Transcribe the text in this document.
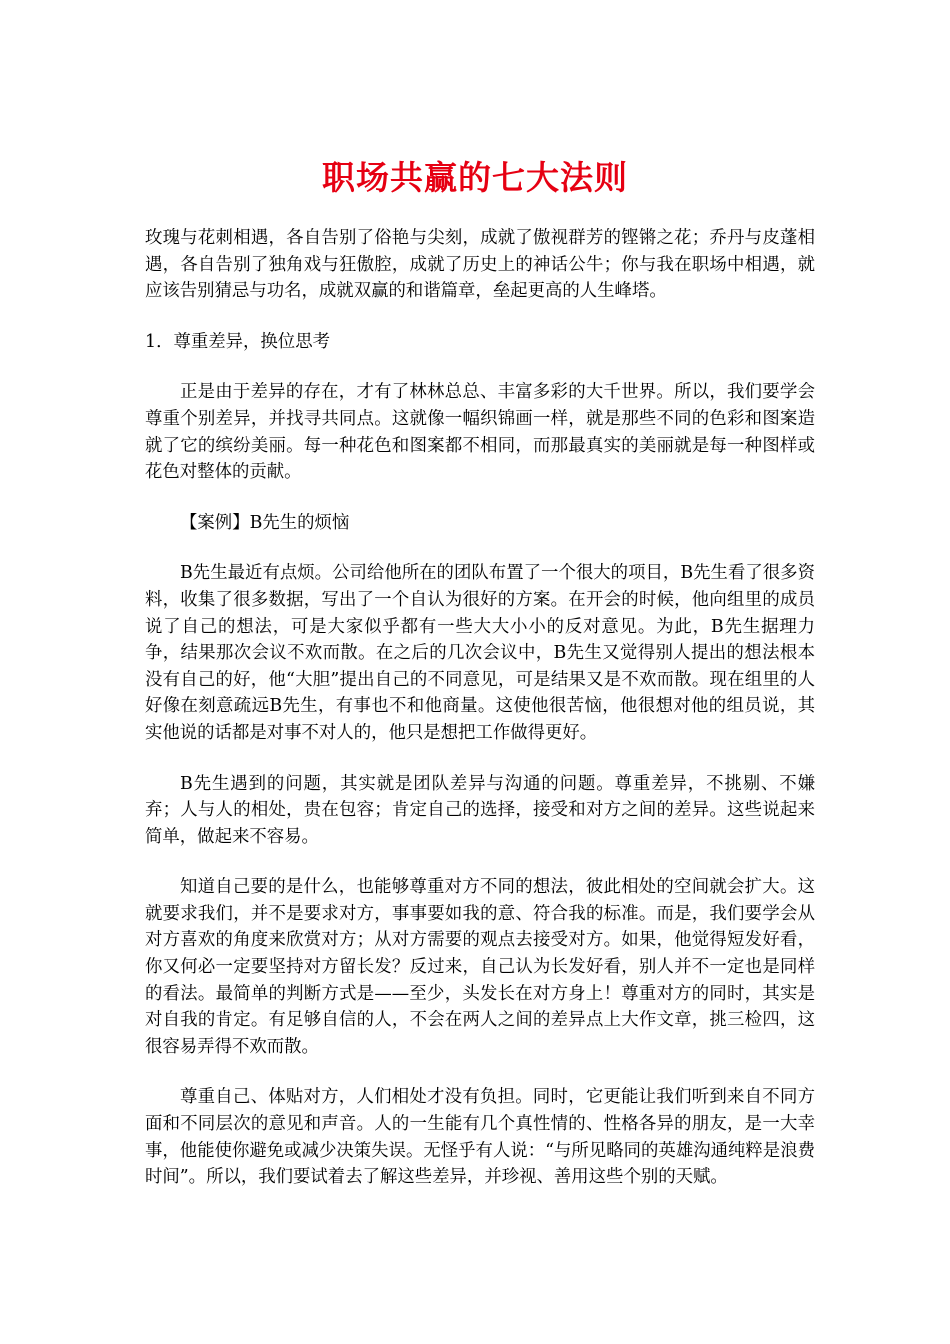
职场共赢的七大法则

玫瑰与花刺相遇，各自告别了俗艳与尖刻，成就了傲视群芳的铿锵之花；乔丹与皮蓬相遇，各自告别了独角戏与狂傲腔，成就了历史上的神话公牛；你与我在职场中相遇，就应该告别猜忌与功名，成就双赢的和谐篇章，垒起更高的人生峰塔。

1．尊重差异，换位思考

正是由于差异的存在，才有了林林总总、丰富多彩的大千世界。所以，我们要学会尊重个别差异，并找寻共同点。这就像一幅织锦画一样，就是那些不同的色彩和图案造就了它的缤纷美丽。每一种花色和图案都不相同，而那最真实的美丽就是每一种图样或花色对整体的贡献。

【案例】B先生的烦恼

B先生最近有点烦。公司给他所在的团队布置了一个很大的项目，B先生看了很多资料，收集了很多数据，写出了一个自认为很好的方案。在开会的时候，他向组里的成员说了自己的想法，可是大家似乎都有一些大大小小的反对意见。为此，B先生据理力争，结果那次会议不欢而散。在之后的几次会议中，B先生又觉得别人提出的想法根本没有自己的好，他“大胆”提出自己的不同意见，可是结果又是不欢而散。现在组里的人好像在刻意疏远B先生，有事也不和他商量。这使他很苦恼，他很想对他的组员说，其实他说的话都是对事不对人的，他只是想把工作做得更好。

B先生遇到的问题，其实就是团队差异与沟通的问题。尊重差异，不挑剔、不嫌弃；人与人的相处，贵在包容；肯定自己的选择，接受和对方之间的差异。这些说起来简单，做起来不容易。

知道自己要的是什么，也能够尊重对方不同的想法，彼此相处的空间就会扩大。这就要求我们，并不是要求对方，事事要如我的意、符合我的标准。而是，我们要学会从对方喜欢的角度来欣赏对方；从对方需要的观点去接受对方。如果，他觉得短发好看，你又何必一定要坚持对方留长发？反过来，自己认为长发好看，别人并不一定也是同样的看法。最简单的判断方式是——至少，头发长在对方身上！尊重对方的同时，其实是对自我的肯定。有足够自信的人，不会在两人之间的差异点上大作文章，挑三检四，这很容易弄得不欢而散。

尊重自己、体贴对方，人们相处才没有负担。同时，它更能让我们听到来自不同方面和不同层次的意见和声音。人的一生能有几个真性情的、性格各异的朋友，是一大幸事，他能使你避免或减少决策失误。无怪乎有人说：“与所见略同的英雄沟通纯粹是浪费时间”。所以，我们要试着去了解这些差异，并珍视、善用这些个别的天赋。
